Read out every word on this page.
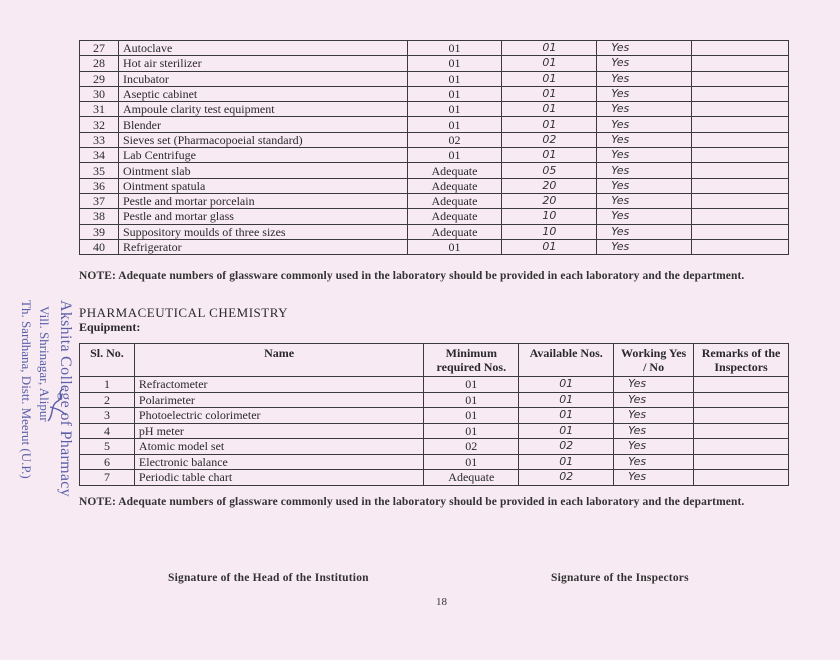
27	Autoclave	01	01	Yes	
28	Hot air sterilizer	01	01	Yes	
29	Incubator	01	01	Yes	
30	Aseptic cabinet	01	01	Yes	
31	Ampoule clarity test equipment	01	01	Yes	
32	Blender	01	01	Yes	
33	Sieves set (Pharmacopoeial standard)	02	02	Yes	
34	Lab Centrifuge	01	01	Yes	
35	Ointment slab	Adequate	05	Yes	
36	Ointment spatula	Adequate	20	Yes	
37	Pestle and mortar porcelain	Adequate	20	Yes	
38	Pestle and mortar glass	Adequate	10	Yes	
39	Suppository moulds of three sizes	Adequate	10	Yes	
40	Refrigerator	01	01	Yes	
NOTE: Adequate numbers of glassware commonly used in the laboratory should be provided in each laboratory and the department.
PHARMACEUTICAL CHEMISTRY
Equipment:
Sl. No.	Name	Minimum required Nos.	Available Nos.	Working Yes / No	Remarks of the Inspectors
1	Refractometer	01	01	Yes	
2	Polarimeter	01	01	Yes	
3	Photoelectric colorimeter	01	01	Yes	
4	pH meter	01	01	Yes	
5	Atomic model set	02	02	Yes	
6	Electronic balance	01	01	Yes	
7	Periodic table chart	Adequate	02	Yes	
NOTE: Adequate numbers of glassware commonly used in the laboratory should be provided in each laboratory and the department.
Akshita College of Pharmacy
Vill. Shrinagar, Alipur
Th. Sardhana, Distt. Meerut (U.P.)
Signature of the Head of the Institution	Signature of the Inspectors
18
